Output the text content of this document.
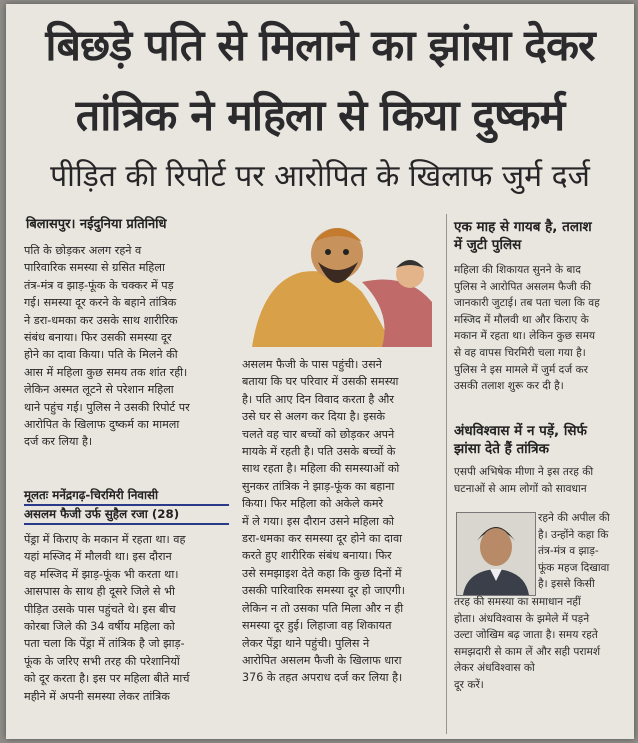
बिछड़े पति से मिलाने का झांसा देकर
तांत्रिक ने महिला से किया दुष्कर्म
पीड़ित की रिपोर्ट पर आरोपित के खिलाफ जुर्म दर्ज
बिलासपुर। नईदुनिया प्रतिनिधि
पति के छोड़कर अलग रहने व
पारिवारिक समस्या से ग्रसित महिला
तंत्र-मंत्र व झाड़-फूंक के चक्कर में पड़
गई। समस्या दूर करने के बहाने तांत्रिक
ने डरा-धमका कर उसके साथ शारीरिक
संबंध बनाया। फिर उसकी समस्या दूर
होने का दावा किया। पति के मिलने की
आस में महिला कुछ समय तक शांत रही।
लेकिन अस्मत लूटने से परेशान महिला
थाने पहुंच गई। पुलिस ने उसकी रिपोर्ट पर
आरोपित के खिलाफ दुष्कर्म का मामला
दर्ज कर लिया है।
मूलतः मनेंद्रगढ़-चिरमिरी निवासी
असलम फैजी उर्फ सुहैल रजा (28)
पेंड्रा में किराए के मकान में रहता था। वह
यहां मस्जिद में मौलवी था। इस दौरान
वह मस्जिद में झाड़-फूंक भी करता था।
आसपास के साथ ही दूसरे जिले से भी
पीड़ित उसके पास पहुंचते थे। इस बीच
कोरबा जिले की 34 वर्षीय महिला को
पता चला कि पेंड्रा में तांत्रिक है जो झाड़-
फूंक के जरिए सभी तरह की परेशानियों
को दूर करता है। इस पर महिला बीते मार्च
महीने में अपनी समस्या लेकर तांत्रिक
असलम फैजी के पास पहुंची। उसने
बताया कि घर परिवार में उसकी समस्या
है। पति आए दिन विवाद करता है और
उसे घर से अलग कर दिया है। इसके
चलते वह चार बच्चों को छोड़कर अपने
मायके में रहती है। पति उसके बच्चों के
साथ रहता है। महिला की समस्याओं को
सुनकर तांत्रिक ने झाड़-फूंक का बहाना
किया। फिर महिला को अकेले कमरे
में ले गया। इस दौरान उसने महिला को
डरा-धमका कर समस्या दूर होने का दावा
करते हुए शारीरिक संबंध बनाया। फिर
उसे समझाइश देते कहा कि कुछ दिनों में
उसकी पारिवारिक समस्या दूर हो जाएगी।
लेकिन न तो उसका पति मिला और न ही
समस्या दूर हुई। लिहाजा वह शिकायत
लेकर पेंड्रा थाने पहुंची। पुलिस ने
आरोपित असलम फैजी के खिलाफ धारा
376 के तहत अपराध दर्ज कर लिया है।
एक माह से गायब है, तलाश
में जुटी पुलिस
महिला की शिकायत सुनने के बाद
पुलिस ने आरोपित असलम फैजी की
जानकारी जुटाई। तब पता चला कि वह
मस्जिद में मौलवी था और किराए के
मकान में रहता था। लेकिन कुछ समय
से वह वापस चिरमिरी चला गया है।
पुलिस ने इस मामले में जुर्म दर्ज कर
उसकी तलाश शुरू कर दी है।
अंधविश्वास में न पड़ें, सिर्फ
झांसा देते हैं तांत्रिक
एसपी अभिषेक मीणा ने इस तरह की
घटनाओं से आम लोगों को सावधान
रहने की अपील की
है। उन्होंने कहा कि
तंत्र-मंत्र व झाड़-
फूंक महज दिखावा
है। इससे किसी
तरह की समस्या का समाधान नहीं
होता। अंधविश्वास के झमेले में पड़ने
उल्टा जोखिम बढ़ जाता है। समय रहते
समझदारी से काम लें और सही परामर्श
लेकर अंधविश्वास को
दूर करें।
